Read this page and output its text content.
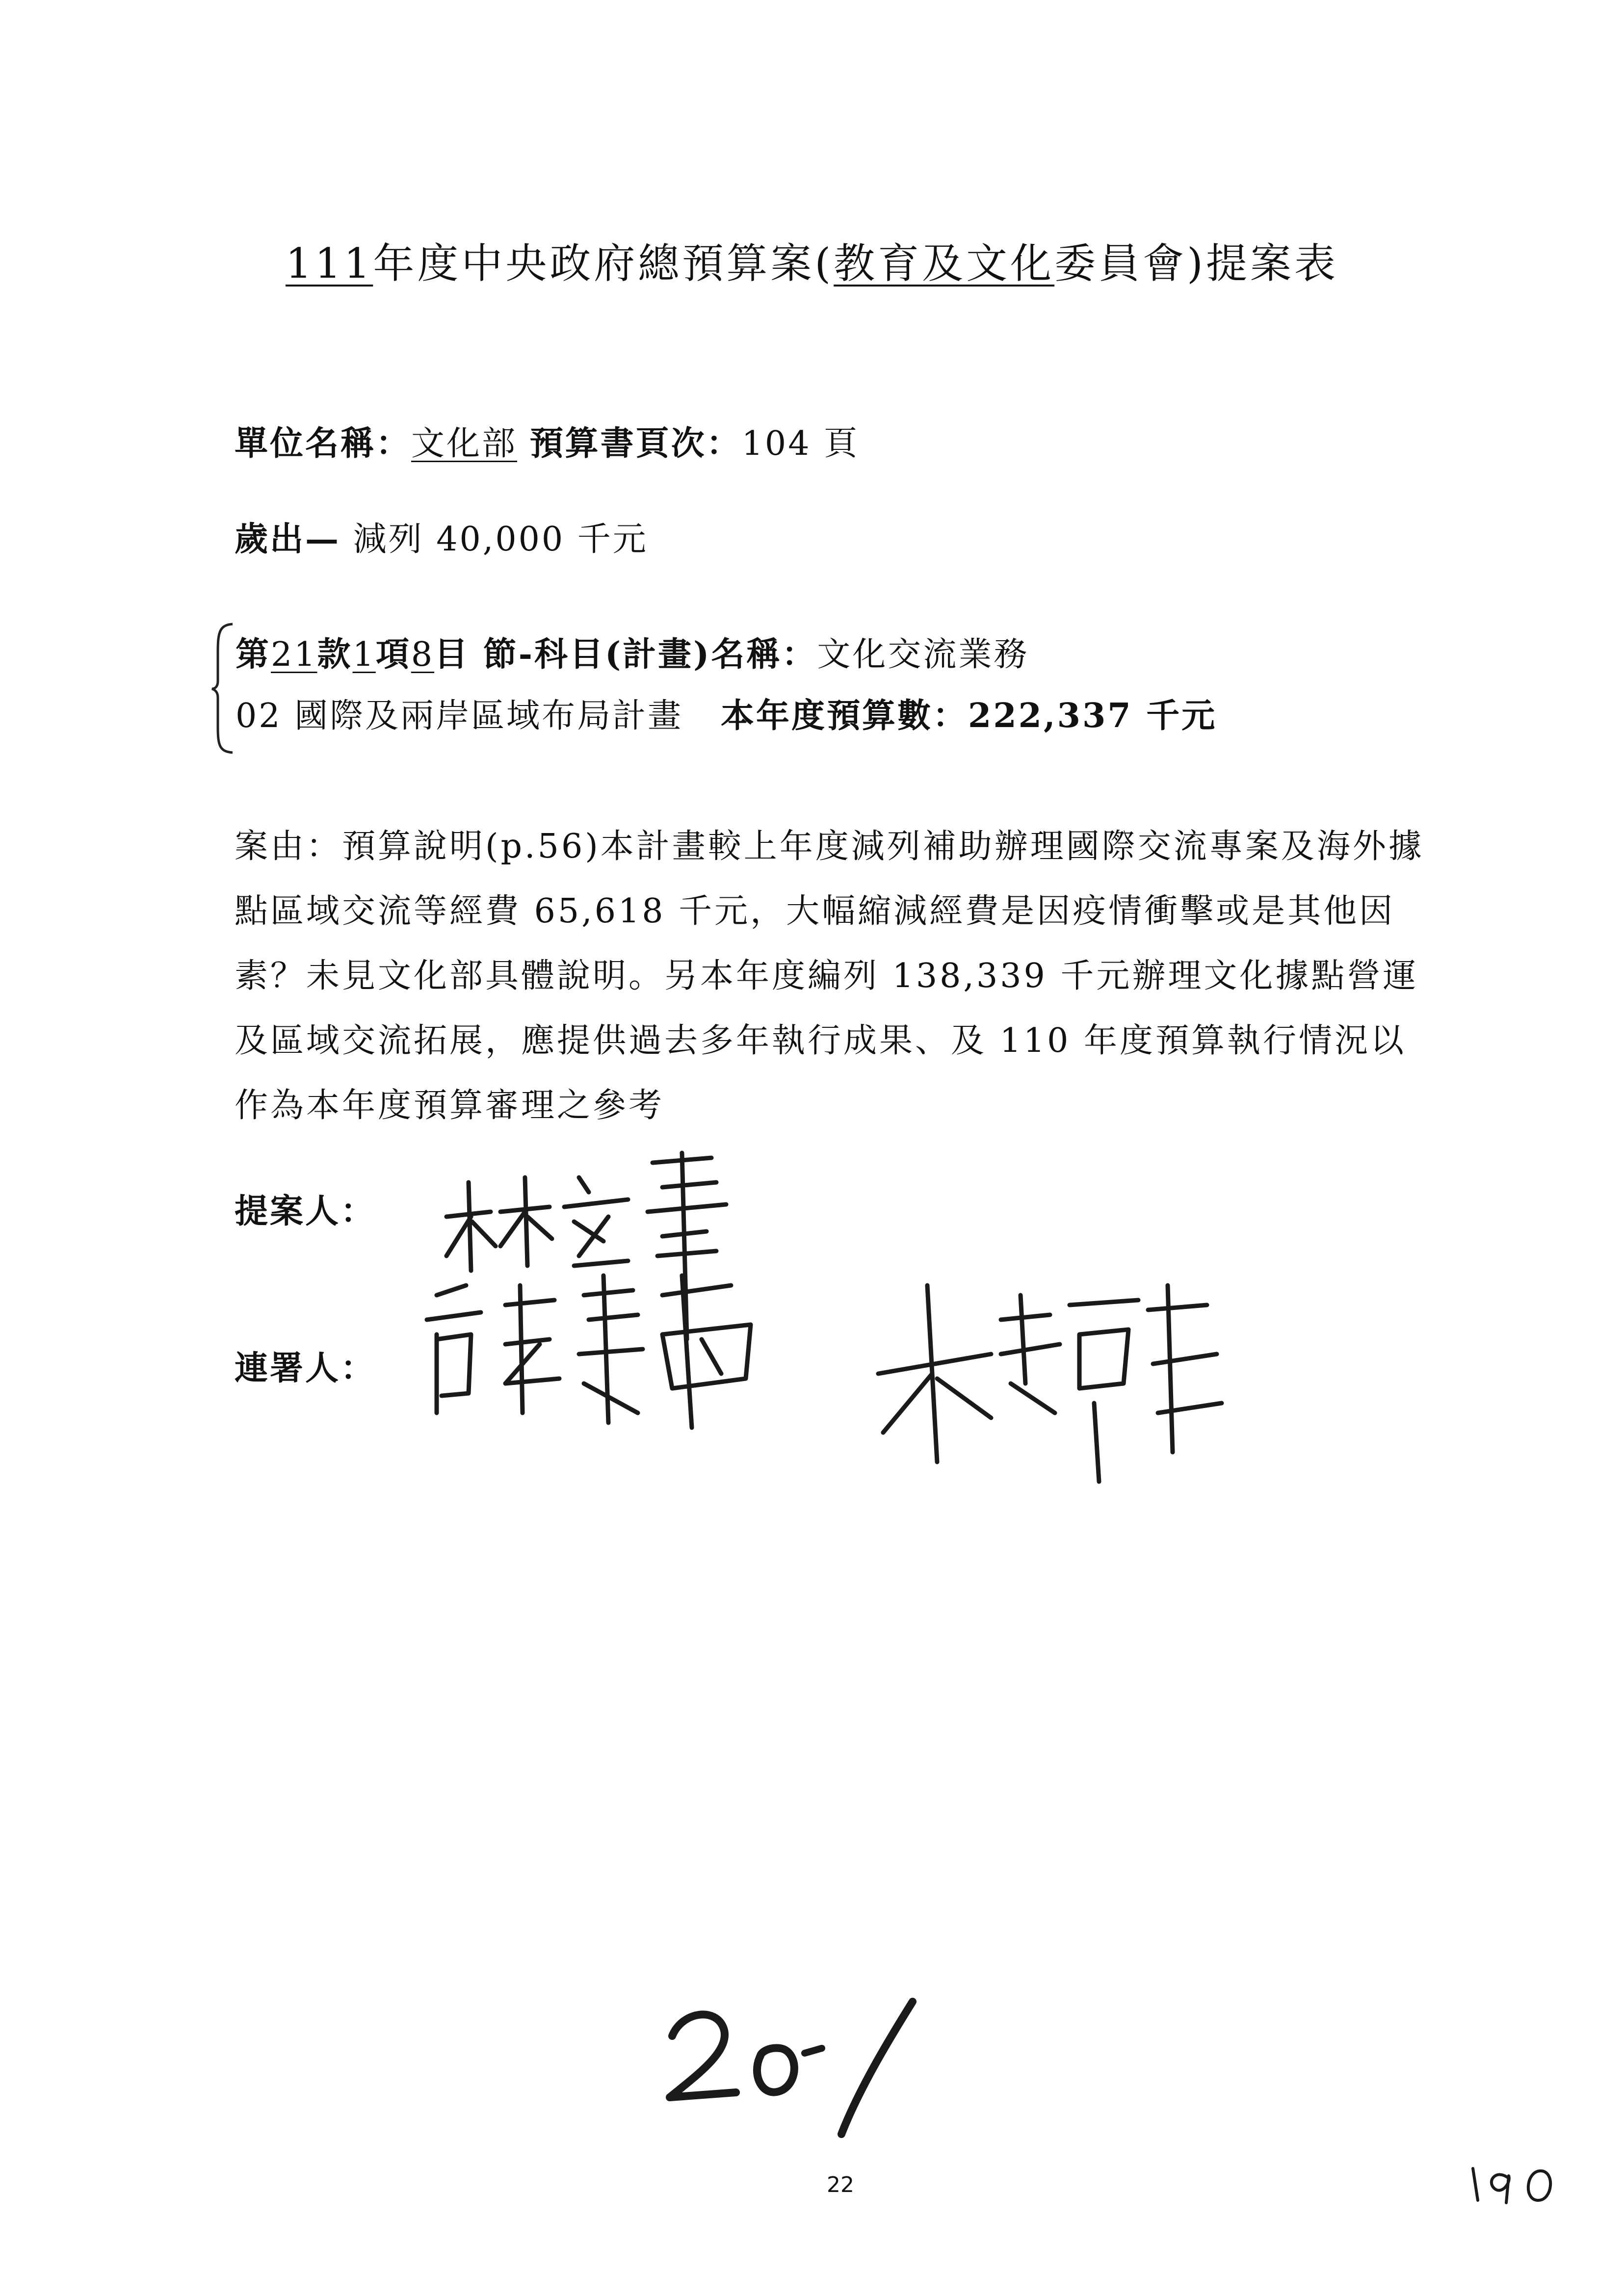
111年度中央政府總預算案(教育及文化委員會)提案表
單位名稱：文化部 預算書頁次：104 頁
歲出— 減列 40,000 千元
第21款1項8目 節-科目(計畫)名稱：文化交流業務
02 國際及兩岸區域布局計畫 本年度預算數：222,337 千元
案由：預算說明(p.56)本計畫較上年度減列補助辦理國際交流專案及海外據點區域交流等經費 65,618 千元，大幅縮減經費是因疫情衝擊或是其他因素？未見文化部具體說明。另本年度編列 138,339 千元辦理文化據點營運及區域交流拓展，應提供過去多年執行成果、及 110 年度預算執行情況以作為本年度預算審理之參考
提案人：
連署人：
22
